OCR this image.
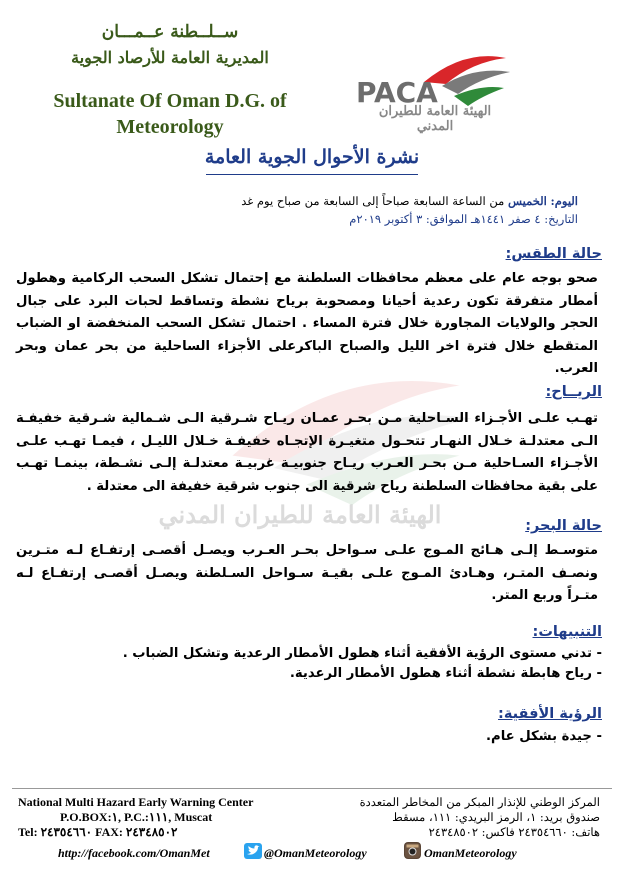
ســلــطنة عــمـــان
المديرية العامة للأرصاد الجوية
Sultanate Of Oman D.G. of
Meteorology
PACA
الهيئة العامة للطيران المدني
نشرة الأحوال الجوية العامة
اليوم: الخميس من الساعة السابعة صباحاً إلى السابعة من صباح يوم غد
التاريخ: ٤ صفر ١٤٤١هـ الموافق: ٣ أكتوبر ٢٠١٩م
حالة الطقس:
صحو بوجه عام على معظم محافظات السلطنة مع إحتمال تشكل السحب الركامية وهطول أمطار متفرقة تكون رعدية أحيانا ومصحوبة برياح نشطة وتساقط لحبات البرد على جبال الحجر والولايات المجاورة خلال فترة المساء . احتمال تشكل السحب المنخفضة او الضباب المتقطع خلال فترة اخر الليل والصباح الباكرعلى الأجزاء الساحلية من بحر عمان وبحر العرب.
الريــاح:
تهـب علـى الأجـزاء السـاحلية مـن بحـر عمـان ريـاح شـرقية الـى شـمالية شـرقية خفيفـة الـى معتدلـة خـلال النهـار تتحـول متغيـرة الإتجـاه خفيفـة خـلال الليـل ، فيمـا تهـب علـى الأجـزاء السـاحلية مـن بحـر العـرب ريـاح جنوبيـة غربيـة معتدلـة إلـى نشـطة، بينمـا تهـب على بقية محافظات السلطنة رياح شرقية الى جنوب شرقية خفيفة الى معتدلة .
الهيئة العامة للطيران المدني	حالة البحر:
متوسـط إلـى هـائج المـوج علـى سـواحل بحـر العـرب ويصـل أقصـى إرتفـاع لـه متـرين ونصـف المتـر، وهـادئ المـوج علـى بقيـة سـواحل السـلطنة ويصـل أقصـى إرتفـاع لـه متـراً وربع المتر.
التنبيهات:
- تدني مستوى الرؤية الأفقية أثناء هطول الأمطار الرعدية وتشكل الضباب .
- رياح هابطة نشطة أثناء هطول الأمطار الرعدية.
الرؤية الأفقية:
- جيدة بشكل عام.
National Multi Hazard Early Warning Center
P.O.BOX:١, P.C.:١١١, Muscat
Tel: ٢٤٣٥٤٦٦٠ FAX: ٢٤٣٤٨٥٠٢
المركز الوطني للإنذار المبكر من المخاطر المتعددة
صندوق بريد: ١، الرمز البريدي: ١١١، مسقط
هاتف: ٢٤٣٥٤٦٦٠ فاكس: ٢٤٣٤٨٥٠٢
http://facebook.com/OmanMet	@OmanMeteorology	OmanMeteorology
